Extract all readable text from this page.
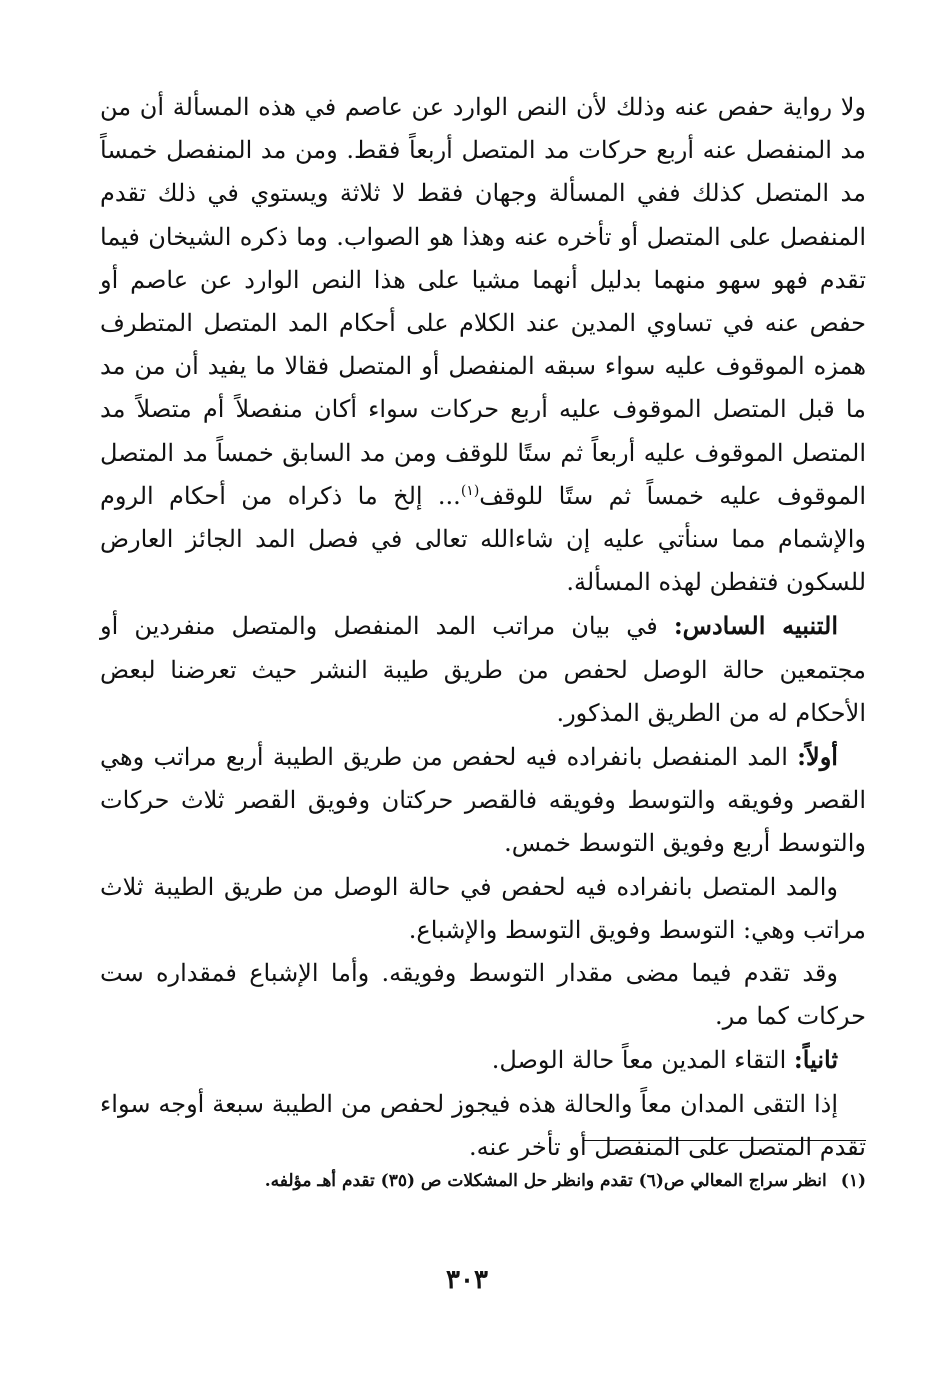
ولا رواية حفص عنه وذلك لأن النص الوارد عن عاصم في هذه المسألة أن من مد المنفصل عنه أربع حركات مد المتصل أربعاً فقط. ومن مد المنفصل خمساً مد المتصل كذلك ففي المسألة وجهان فقط لا ثلاثة ويستوي في ذلك تقدم المنفصل على المتصل أو تأخره عنه وهذا هو الصواب. وما ذكره الشيخان فيما تقدم فهو سهو منهما بدليل أنهما مشيا على هذا النص الوارد عن عاصم أو حفص عنه في تساوي المدين عند الكلام على أحكام المد المتصل المتطرف همزه الموقوف عليه سواء سبقه المنفصل أو المتصل فقالا ما يفيد أن من مد ما قبل المتصل الموقوف عليه أربع حركات سواء أكان منفصلاً أم متصلاً مد المتصل الموقوف عليه أربعاً ثم ستًا للوقف ومن مد السابق خمساً مد المتصل الموقوف عليه خمساً ثم ستًا للوقف$^{(١)}$... إلخ ما ذكراه من أحكام الروم والإشمام مما سنأتي عليه إن شاءالله تعالى في فصل المد الجائز العارض للسكون فتفطن لهذه المسألة.

التنبيه السادس: في بيان مراتب المد المنفصل والمتصل منفردين أو مجتمعين حالة الوصل لحفص من طريق طيبة النشر حيث تعرضنا لبعض الأحكام له من الطريق المذكور.

أولاً: المد المنفصل بانفراده فيه لحفص من طريق الطيبة أربع مراتب وهي القصر وفويقه والتوسط وفويقه فالقصر حركتان وفويق القصر ثلاث حركات والتوسط أربع وفويق التوسط خمس.

والمد المتصل بانفراده فيه لحفص في حالة الوصل من طريق الطيبة ثلاث مراتب وهي: التوسط وفويق التوسط والإشباع.

وقد تقدم فيما مضى مقدار التوسط وفويقه. وأما الإشباع فمقداره ست حركات كما مر.

ثانياً: التقاء المدين معاً حالة الوصل.

إذا التقى المدان معاً والحالة هذه فيجوز لحفص من الطيبة سبعة أوجه سواء تقدم المتصل على المنفصل أو تأخر عنه.

(١)انظر سراج المعالي ص(٦) تقدم وانظر حل المشكلات ص (٣٥) تقدم أهـ مؤلفه.
٣٠٣
